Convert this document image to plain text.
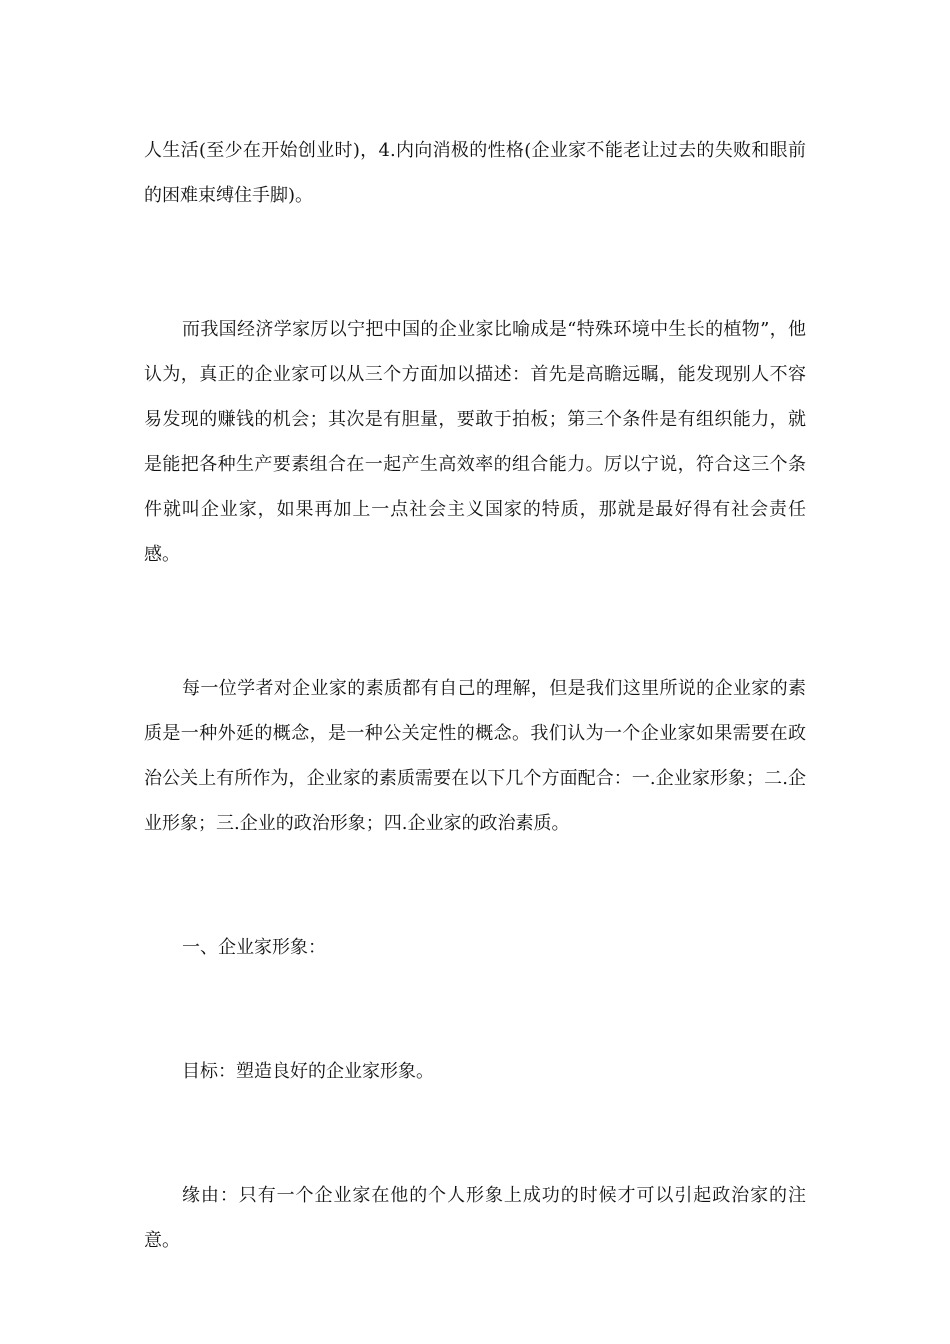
人生活(至少在开始创业时)，4.内向消极的性格(企业家不能老让过去的失败和眼前的困难束缚住手脚)。

而我国经济学家厉以宁把中国的企业家比喻成是“特殊环境中生长的植物”，他认为，真正的企业家可以从三个方面加以描述：首先是高瞻远瞩，能发现别人不容易发现的赚钱的机会；其次是有胆量，要敢于拍板；第三个条件是有组织能力，就是能把各种生产要素组合在一起产生高效率的组合能力。厉以宁说，符合这三个条件就叫企业家，如果再加上一点社会主义国家的特质，那就是最好得有社会责任感。

每一位学者对企业家的素质都有自己的理解，但是我们这里所说的企业家的素质是一种外延的概念，是一种公关定性的概念。我们认为一个企业家如果需要在政治公关上有所作为，企业家的素质需要在以下几个方面配合：一.企业家形象；二.企业形象；三.企业的政治形象；四.企业家的政治素质。

一、企业家形象：

目标：塑造良好的企业家形象。

缘由：只有一个企业家在他的个人形象上成功的时候才可以引起政治家的注意。
